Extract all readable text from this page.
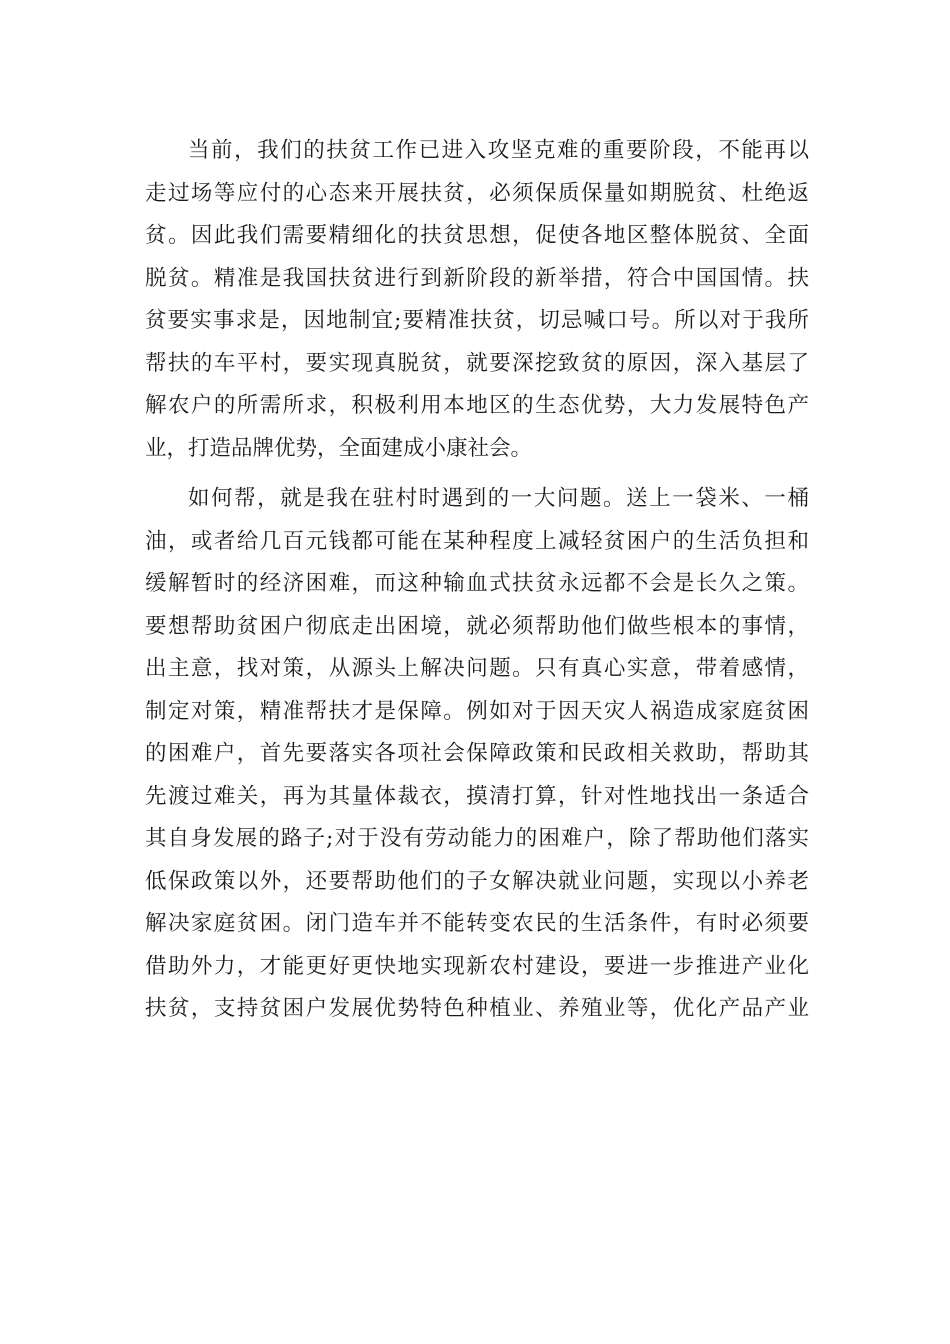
当前，我们的扶贫工作已进入攻坚克难的重要阶段，不能再以
走过场等应付的心态来开展扶贫，必须保质保量如期脱贫、杜绝返
贫。因此我们需要精细化的扶贫思想，促使各地区整体脱贫、全面
脱贫。精准是我国扶贫进行到新阶段的新举措，符合中国国情。扶
贫要实事求是，因地制宜;要精准扶贫，切忌喊口号。所以对于我所
帮扶的车平村，要实现真脱贫，就要深挖致贫的原因，深入基层了
解农户的所需所求，积极利用本地区的生态优势，大力发展特色产
业，打造品牌优势，全面建成小康社会。
如何帮，就是我在驻村时遇到的一大问题。送上一袋米、一桶
油，或者给几百元钱都可能在某种程度上减轻贫困户的生活负担和
缓解暂时的经济困难，而这种输血式扶贫永远都不会是长久之策。
要想帮助贫困户彻底走出困境，就必须帮助他们做些根本的事情，
出主意，找对策，从源头上解决问题。只有真心实意，带着感情，
制定对策，精准帮扶才是保障。例如对于因天灾人祸造成家庭贫困
的困难户，首先要落实各项社会保障政策和民政相关救助，帮助其
先渡过难关，再为其量体裁衣，摸清打算，针对性地找出一条适合
其自身发展的路子;对于没有劳动能力的困难户，除了帮助他们落实
低保政策以外，还要帮助他们的子女解决就业问题，实现以小养老
解决家庭贫困。闭门造车并不能转变农民的生活条件，有时必须要
借助外力，才能更好更快地实现新农村建设，要进一步推进产业化
扶贫，支持贫困户发展优势特色种植业、养殖业等，优化产品产业
